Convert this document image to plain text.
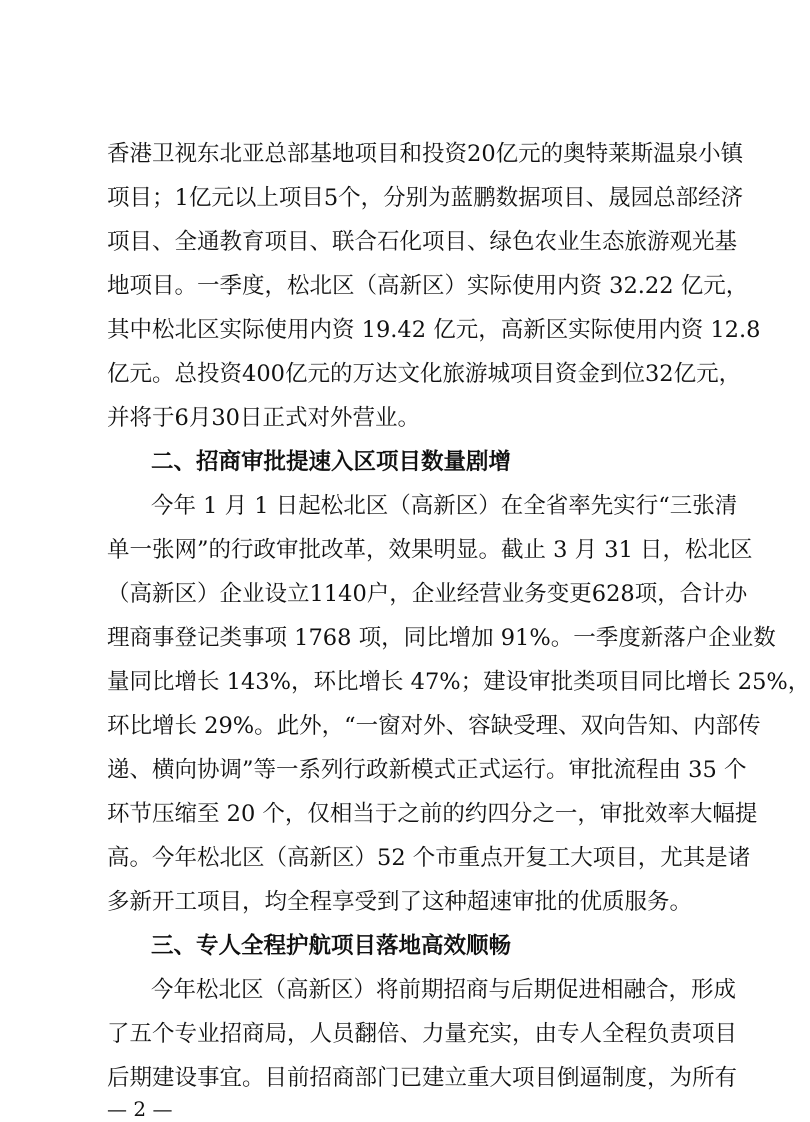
香港卫视东北亚总部基地项目和投资20亿元的奥特莱斯温泉小镇
项目；1亿元以上项目5个，分别为蓝鹏数据项目、晟园总部经济
项目、全通教育项目、联合石化项目、绿色农业生态旅游观光基
地项目。一季度，松北区（高新区）实际使用内资 32.22 亿元，
其中松北区实际使用内资 19.42 亿元，高新区实际使用内资 12.8
亿元。总投资400亿元的万达文化旅游城项目资金到位32亿元，
并将于6月30日正式对外营业。
二、招商审批提速入区项目数量剧增
今年 1 月 1 日起松北区（高新区）在全省率先实行“三张清
单一张网”的行政审批改革，效果明显。截止 3 月 31 日，松北区
（高新区）企业设立1140户，企业经营业务变更628项，合计办
理商事登记类事项 1768 项，同比增加 91%。一季度新落户企业数
量同比增长 143%，环比增长 47%；建设审批类项目同比增长 25%，
环比增长 29%。此外，“一窗对外、容缺受理、双向告知、内部传
递、横向协调”等一系列行政新模式正式运行。审批流程由 35 个
环节压缩至 20 个，仅相当于之前的约四分之一，审批效率大幅提
高。今年松北区（高新区）52 个市重点开复工大项目，尤其是诸
多新开工项目，均全程享受到了这种超速审批的优质服务。
三、专人全程护航项目落地高效顺畅
今年松北区（高新区）将前期招商与后期促进相融合，形成
了五个专业招商局，人员翻倍、力量充实，由专人全程负责项目
后期建设事宜。目前招商部门已建立重大项目倒逼制度，为所有
— 2 —
